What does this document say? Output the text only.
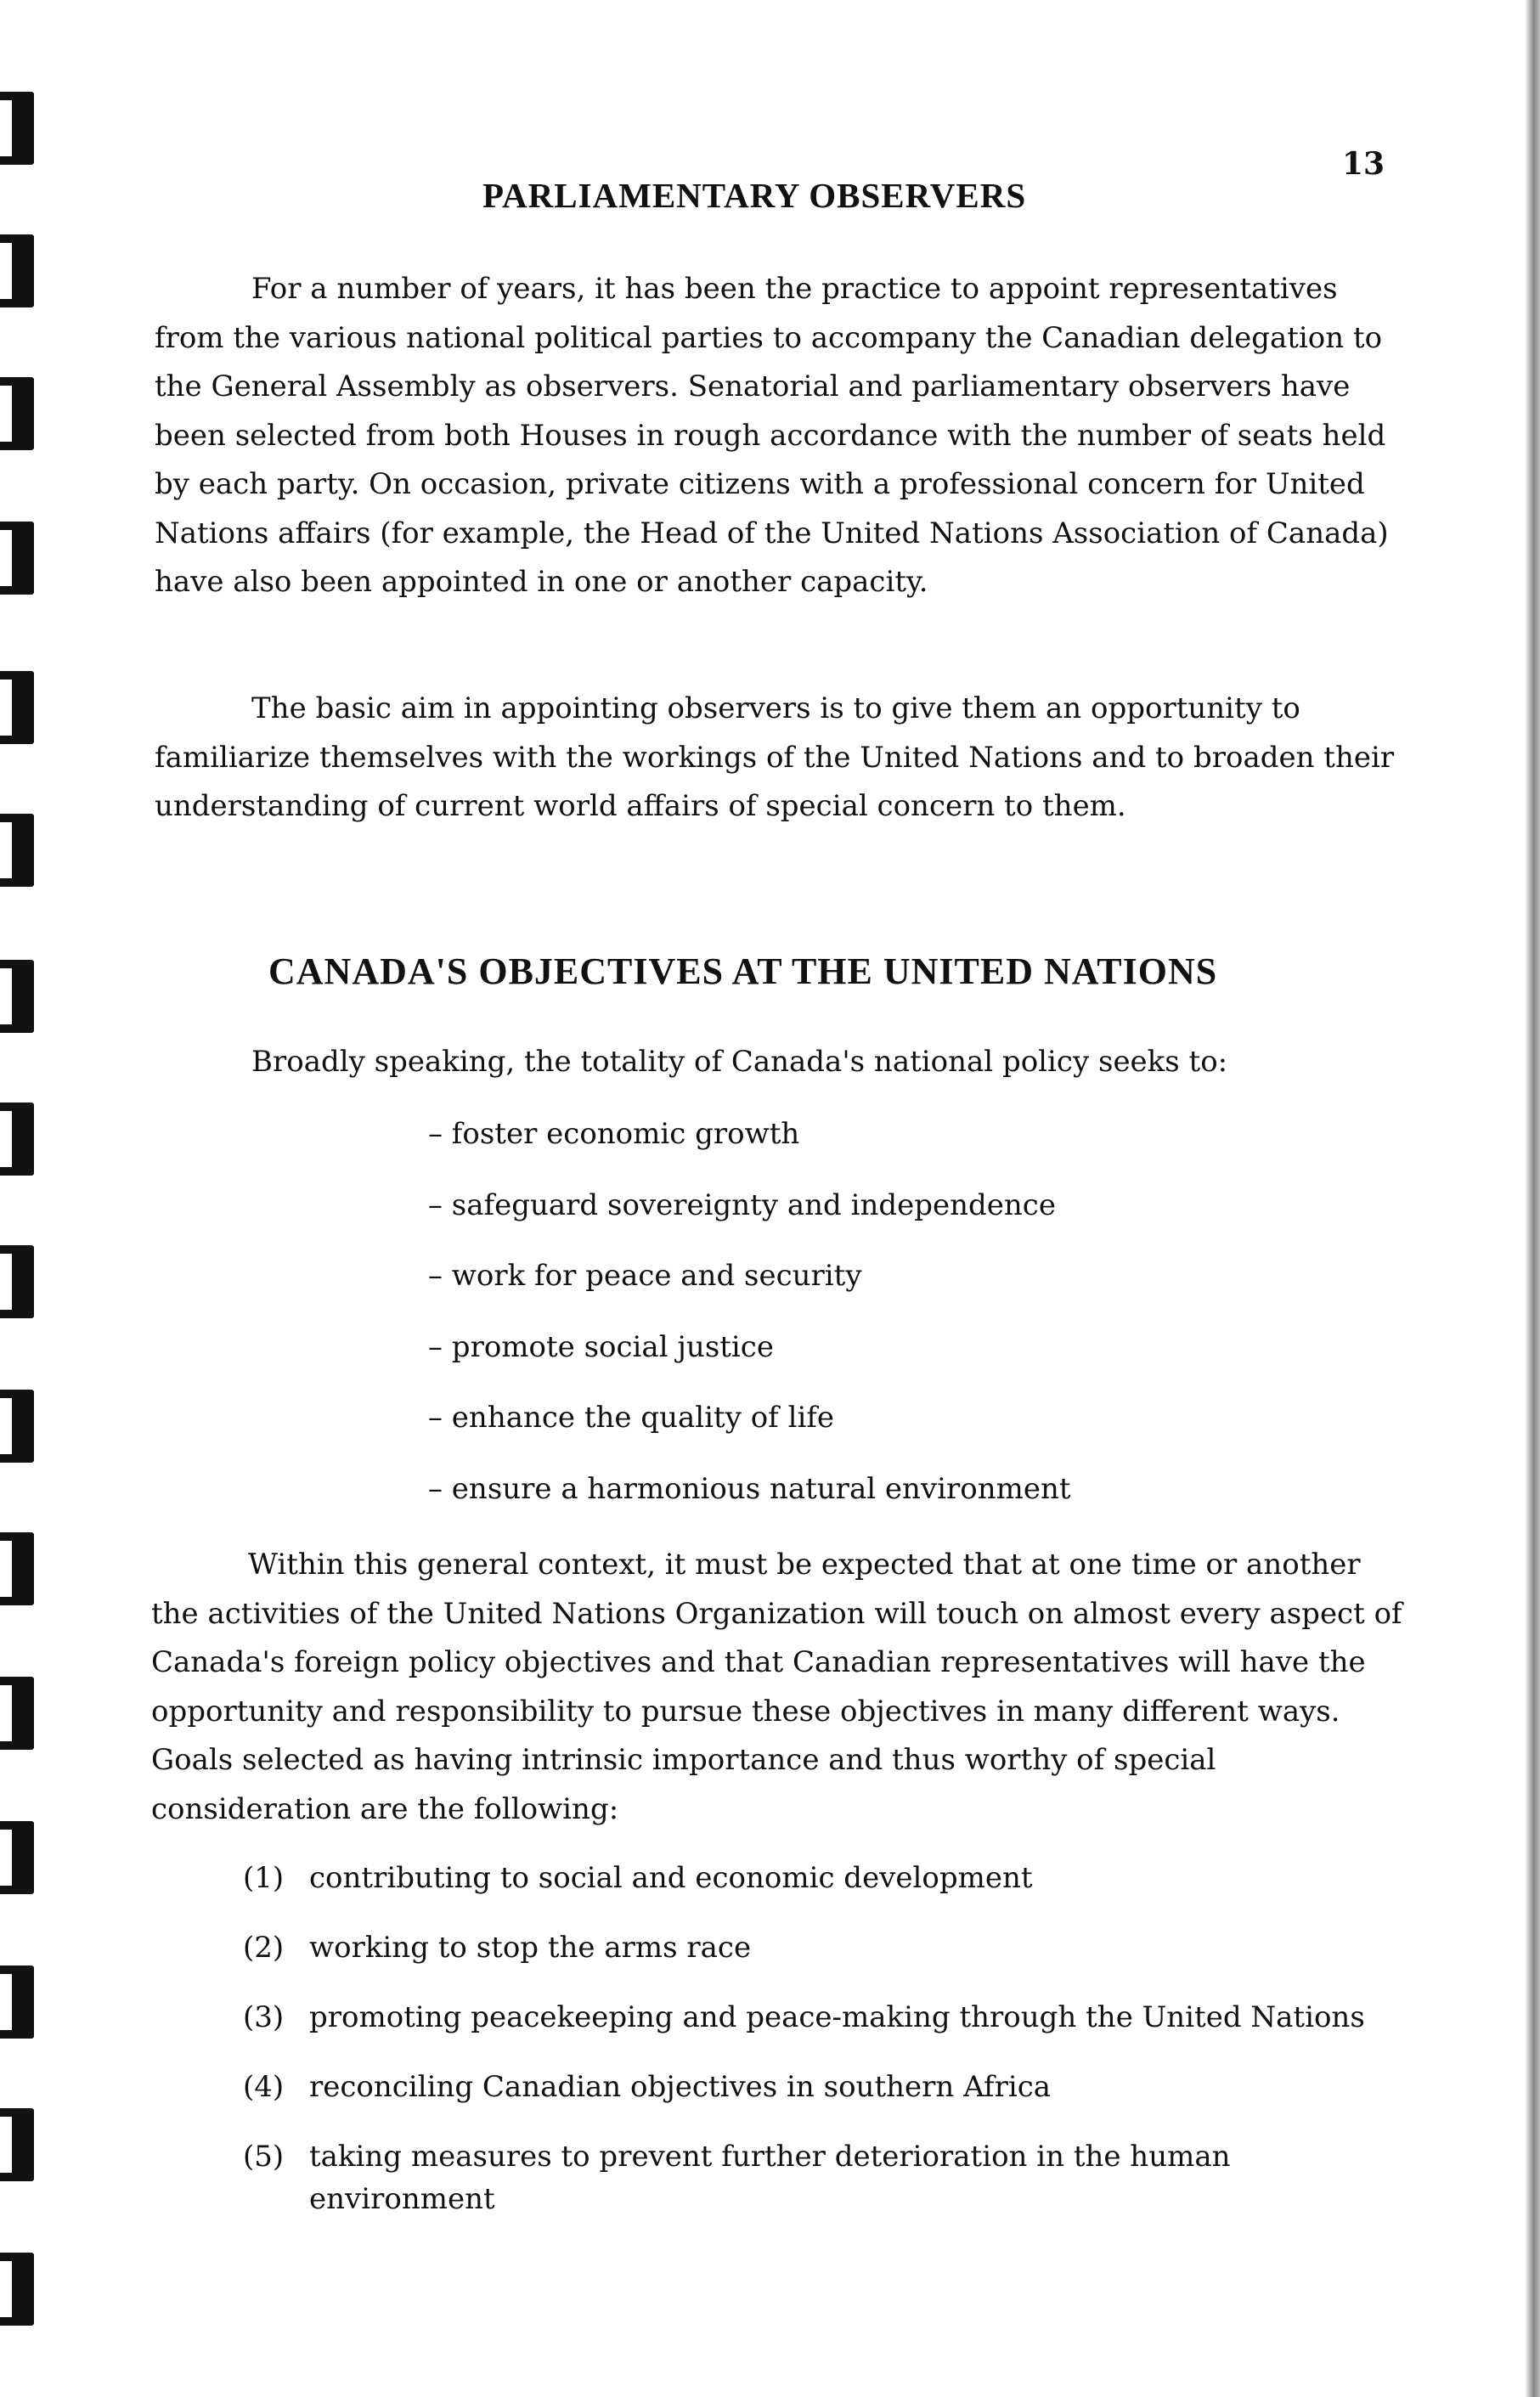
13
PARLIAMENTARY OBSERVERS

For a number of years, it has been the practice to appoint representatives from the various national political parties to accompany the Canadian delegation to the General Assembly as observers. Senatorial and parliamentary observers have been selected from both Houses in rough accordance with the number of seats held by each party. On occasion, private citizens with a professional concern for United Nations affairs (for example, the Head of the United Nations Association of Canada) have also been appointed in one or another capacity.

The basic aim in appointing observers is to give them an opportunity to familiarize themselves with the workings of the United Nations and to broaden their understanding of current world affairs of special concern to them.

CANADA'S OBJECTIVES AT THE UNITED NATIONS

Broadly speaking, the totality of Canada's national policy seeks to:

– foster economic growth
– safeguard sovereignty and independence
– work for peace and security
– promote social justice
– enhance the quality of life
– ensure a harmonious natural environment

Within this general context, it must be expected that at one time or another the activities of the United Nations Organization will touch on almost every aspect of Canada's foreign policy objectives and that Canadian representatives will have the opportunity and responsibility to pursue these objectives in many different ways. Goals selected as having intrinsic importance and thus worthy of special consideration are the following:

(1) contributing to social and economic development
(2) working to stop the arms race
(3) promoting peacekeeping and peace-making through the United Nations
(4) reconciling Canadian objectives in southern Africa
(5) taking measures to prevent further deterioration in the human environment
